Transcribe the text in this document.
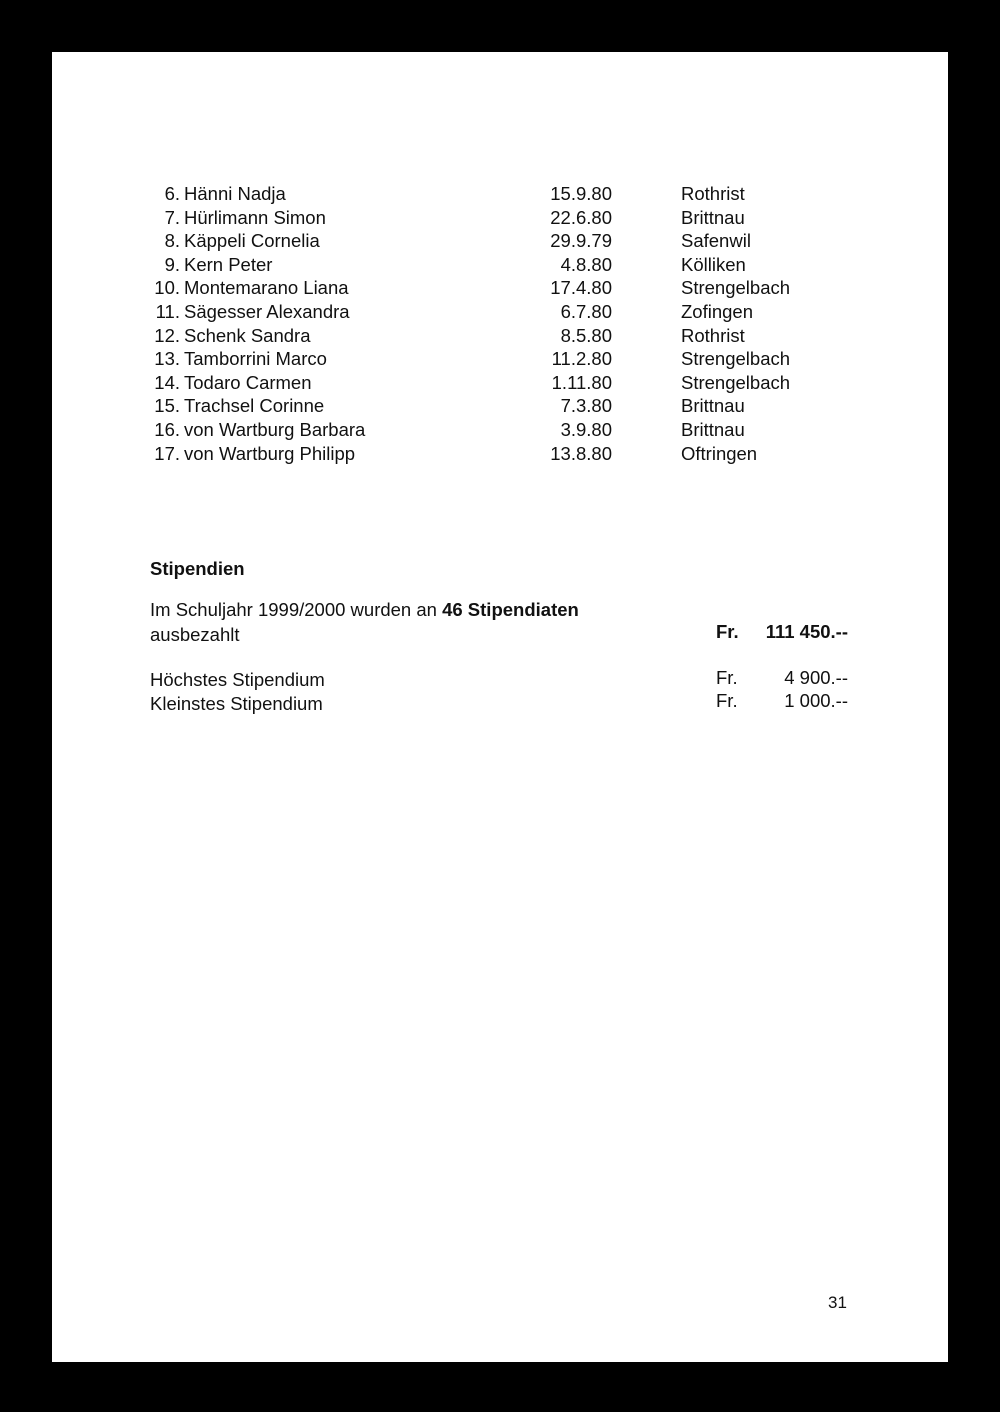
6. Hänni Nadja	15.9.80	Rothrist
7. Hürlimann Simon	22.6.80	Brittnau
8. Käppeli Cornelia	29.9.79	Safenwil
9. Kern Peter	4.8.80	Kölliken
10. Montemarano Liana	17.4.80	Strengelbach
11. Sägesser Alexandra	6.7.80	Zofingen
12. Schenk Sandra	8.5.80	Rothrist
13. Tamborrini Marco	11.2.80	Strengelbach
14. Todaro Carmen	1.11.80	Strengelbach
15. Trachsel Corinne	7.3.80	Brittnau
16. von Wartburg Barbara	3.9.80	Brittnau
17. von Wartburg Philipp	13.8.80	Oftringen
Stipendien
Im Schuljahr 1999/2000 wurden an 46 Stipendiaten
ausbezahlt	Fr. 111 450.--
Höchstes Stipendium	Fr.	4 900.--
Kleinstes Stipendium	Fr.	1 000.--
31
